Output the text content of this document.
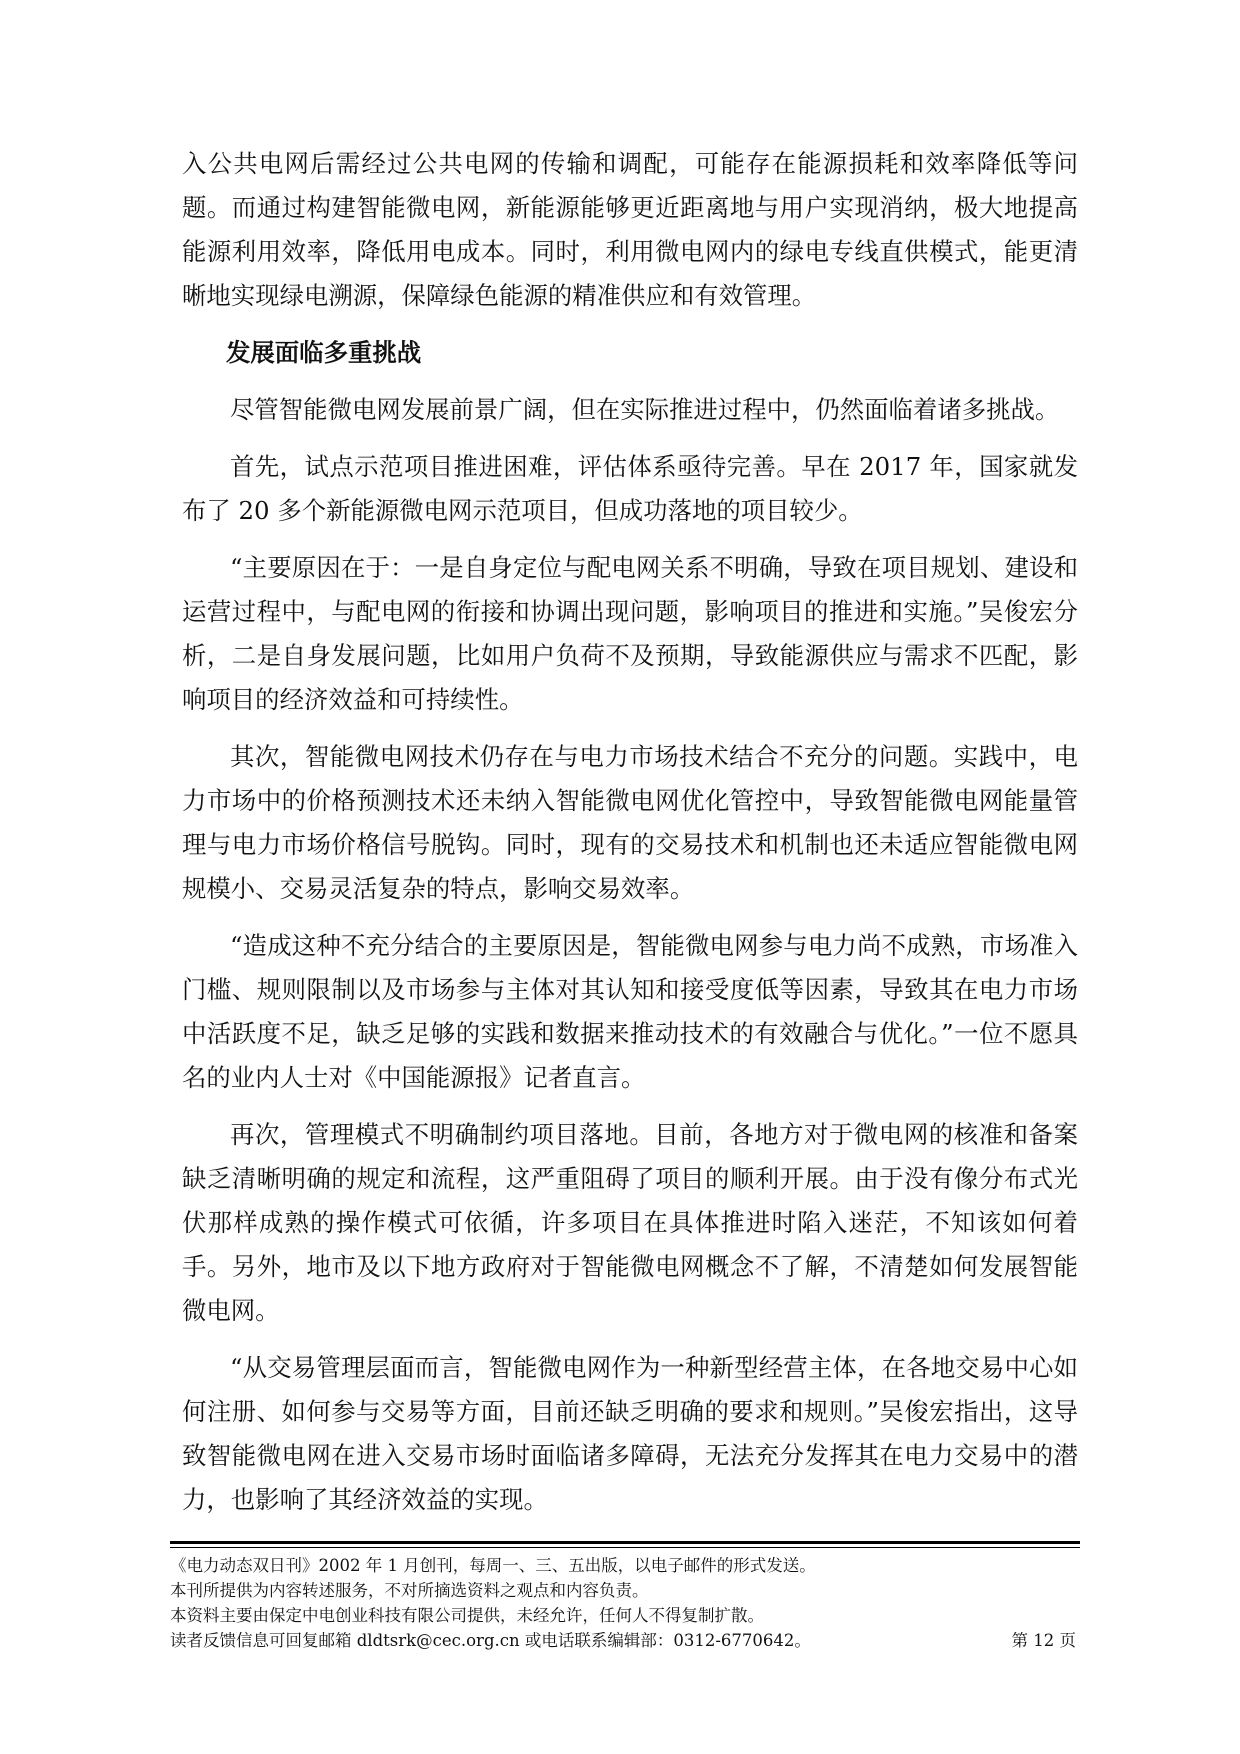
入公共电网后需经过公共电网的传输和调配，可能存在能源损耗和效率降低等问题。而通过构建智能微电网，新能源能够更近距离地与用户实现消纳，极大地提高能源利用效率，降低用电成本。同时，利用微电网内的绿电专线直供模式，能更清晰地实现绿电溯源，保障绿色能源的精准供应和有效管理。

发展面临多重挑战

尽管智能微电网发展前景广阔，但在实际推进过程中，仍然面临着诸多挑战。

首先，试点示范项目推进困难，评估体系亟待完善。早在 2017 年，国家就发布了 20 多个新能源微电网示范项目，但成功落地的项目较少。

“主要原因在于：一是自身定位与配电网关系不明确，导致在项目规划、建设和运营过程中，与配电网的衔接和协调出现问题，影响项目的推进和实施。”吴俊宏分析，二是自身发展问题，比如用户负荷不及预期，导致能源供应与需求不匹配，影响项目的经济效益和可持续性。

其次，智能微电网技术仍存在与电力市场技术结合不充分的问题。实践中，电力市场中的价格预测技术还未纳入智能微电网优化管控中，导致智能微电网能量管理与电力市场价格信号脱钩。同时，现有的交易技术和机制也还未适应智能微电网规模小、交易灵活复杂的特点，影响交易效率。

“造成这种不充分结合的主要原因是，智能微电网参与电力尚不成熟，市场准入门槛、规则限制以及市场参与主体对其认知和接受度低等因素，导致其在电力市场中活跃度不足，缺乏足够的实践和数据来推动技术的有效融合与优化。”一位不愿具名的业内人士对《中国能源报》记者直言。

再次，管理模式不明确制约项目落地。目前，各地方对于微电网的核准和备案缺乏清晰明确的规定和流程，这严重阻碍了项目的顺利开展。由于没有像分布式光伏那样成熟的操作模式可依循，许多项目在具体推进时陷入迷茫，不知该如何着手。另外，地市及以下地方政府对于智能微电网概念不了解，不清楚如何发展智能微电网。

“从交易管理层面而言，智能微电网作为一种新型经营主体，在各地交易中心如何注册、如何参与交易等方面，目前还缺乏明确的要求和规则。”吴俊宏指出，这导致智能微电网在进入交易市场时面临诸多障碍，无法充分发挥其在电力交易中的潜力，也影响了其经济效益的实现。

《电力动态双日刊》2002 年 1 月创刊，每周一、三、五出版，以电子邮件的形式发送。
本刊所提供为内容转述服务，不对所摘选资料之观点和内容负责。
本资料主要由保定中电创业科技有限公司提供，未经允许，任何人不得复制扩散。
读者反馈信息可回复邮箱 dldtsrk@cec.org.cn 或电话联系编辑部：0312-6770642。	第 12 页
